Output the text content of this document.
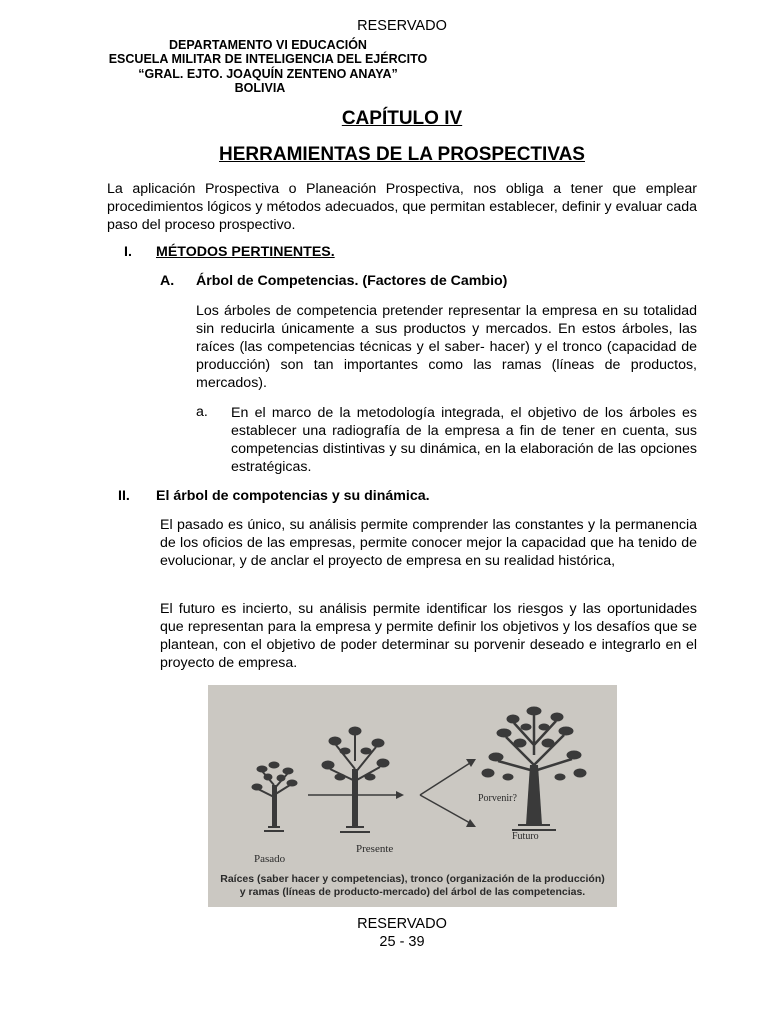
RESERVADO
DEPARTAMENTO VI EDUCACIÓN
ESCUELA MILITAR DE INTELIGENCIA DEL EJÉRCITO
“GRAL. EJTO. JOAQUÍN ZENTENO ANAYA”
BOLIVIA
CAPÍTULO IV
HERRAMIENTAS DE LA PROSPECTIVAS

La aplicación Prospectiva o Planeación Prospectiva, nos obliga a tener que emplear procedimientos lógicos y métodos adecuados, que permitan establecer, definir y evaluar cada paso del proceso prospectivo.

I. MÉTODOS PERTINENTES.
A. Árbol de Competencias. (Factores de Cambio)

Los árboles de competencia pretender representar la empresa en su totalidad sin reducirla únicamente a sus productos y mercados. En estos árboles, las raíces (las competencias técnicas y el saber- hacer) y el tronco (capacidad de producción) son tan importantes como las ramas (líneas de productos, mercados).

a. En el marco de la metodología integrada, el objetivo de los árboles es establecer una radiografía de la empresa a fin de tener en cuenta, sus competencias distintivas y su dinámica, en la elaboración de las opciones estratégicas.

II. El árbol de compotencias y su dinámica.

El pasado es único, su análisis permite comprender las constantes y la permanencia de los oficios de las empresas, permite conocer mejor la capacidad que ha tenido de evolucionar, y de anclar el proyecto de empresa en su realidad histórica,

El futuro es incierto, su análisis permite identificar los riesgos y las oportunidades que representan para la empresa y permite definir los objetivos y los desafíos que se plantean, con el objetivo de poder determinar su porvenir deseado e integrarlo en el proyecto de empresa.

Pasado
Presente
Porvenir?
Futuro
Raíces (saber hacer y competencias), tronco (organización de la producción)
y ramas (líneas de producto-mercado) del árbol de las competencias.
RESERVADO
25 - 39
